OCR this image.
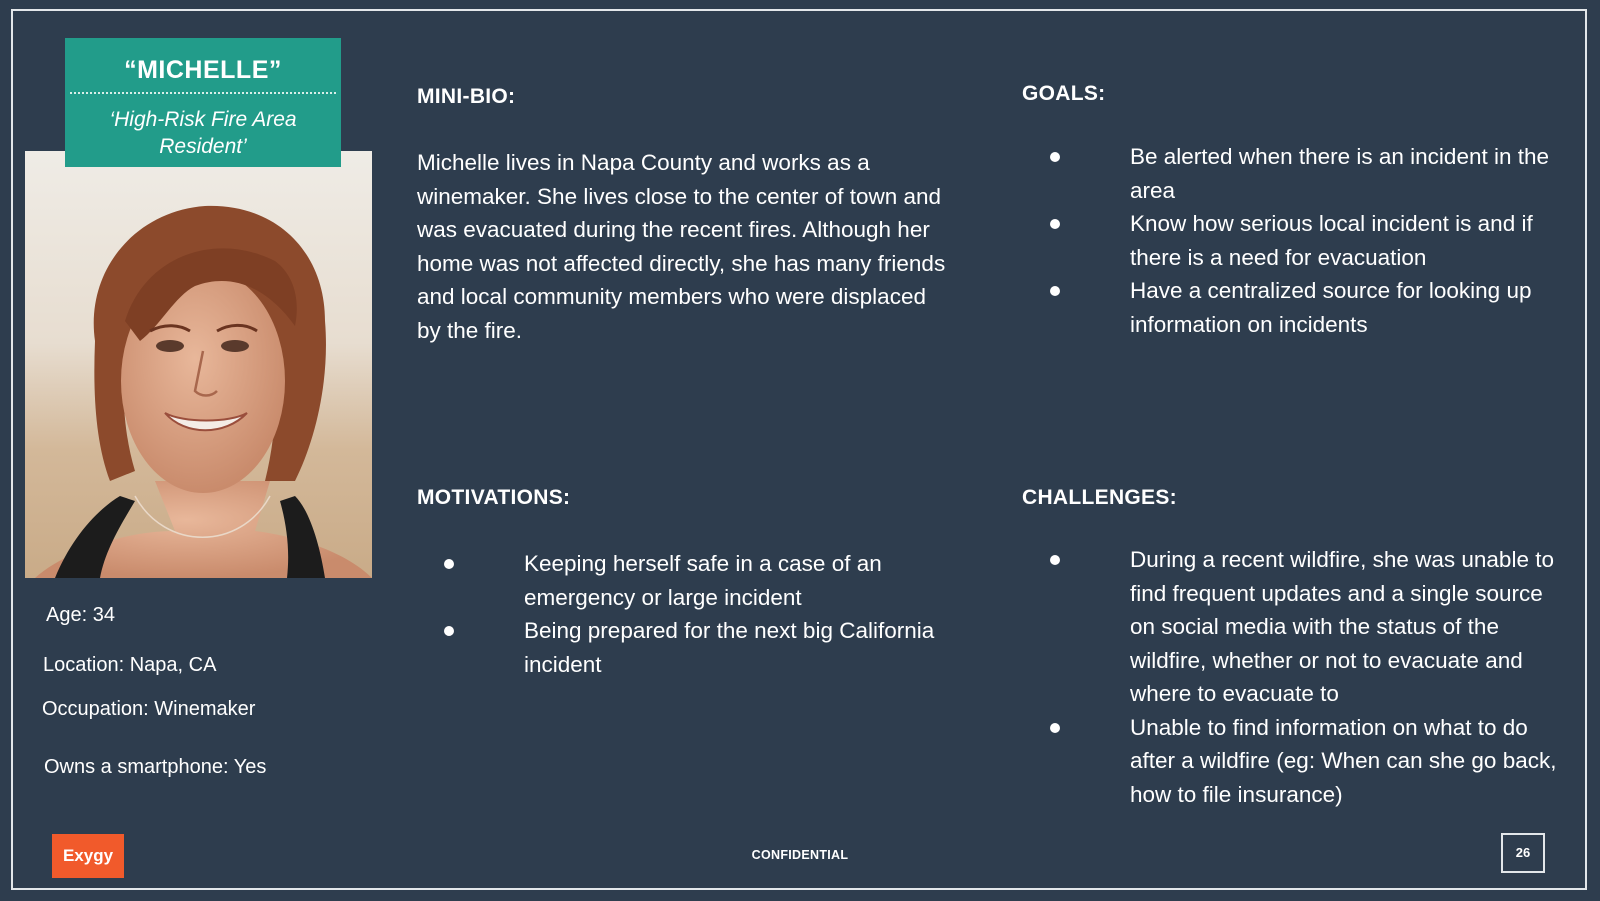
“MICHELLE”
‘High-Risk Fire Area Resident’
Age: 34
Location: Napa, CA
Occupation: Winemaker
Owns a smartphone: Yes
MINI-BIO:
Michelle lives in Napa County and works as a winemaker. She lives close to the center of town and was evacuated during the recent fires. Although her home was not affected directly, she has many friends and local community members who were displaced by the fire.
GOALS:
Be alerted when there is an incident in the area
Know how serious local incident is and if there is a need for evacuation
Have a centralized source for looking up information on incidents
MOTIVATIONS:
Keeping herself safe in a case of an emergency or large incident
Being prepared for the next big California incident
CHALLENGES:
During a recent wildfire, she was unable to find frequent updates and a single source on social media with the status of the wildfire, whether or not to evacuate and where to evacuate to
Unable to find information on what to do after a wildfire (eg: When can she go back, how to file insurance)
Exygy	CONFIDENTIAL	26
